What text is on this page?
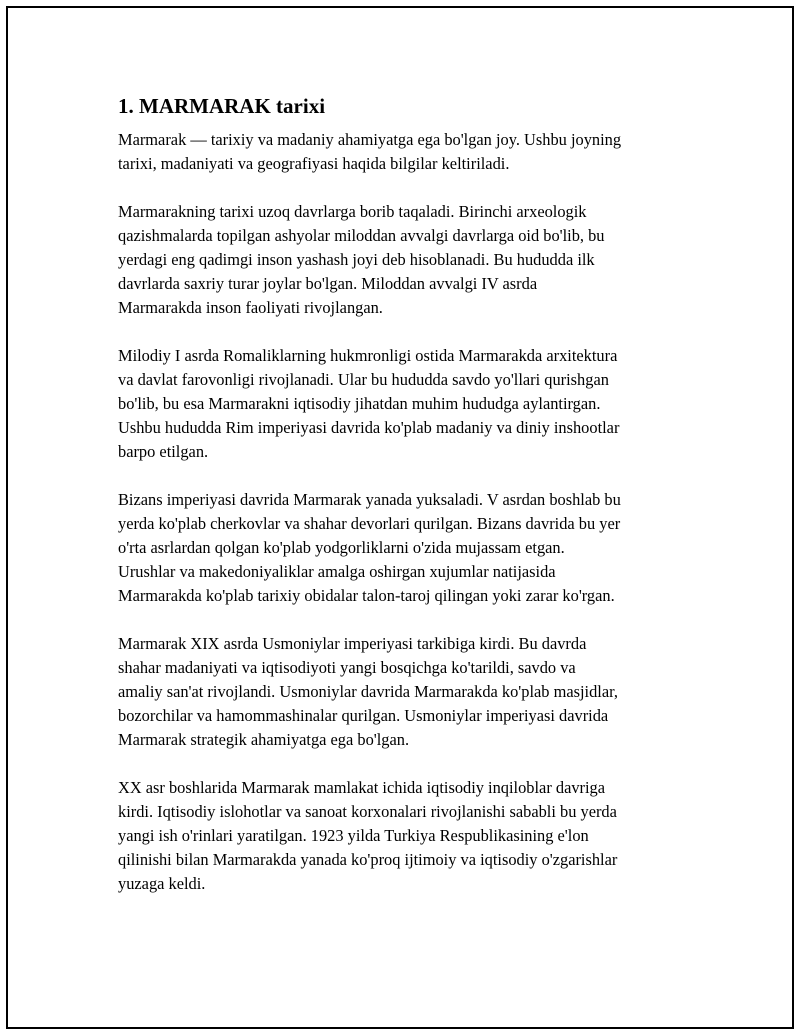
1. MARMARAK tarixi

Marmarak — tarixiy va madaniy ahamiyatga ega bo'lgan joy. Ushbu joyning
tarixi, madaniyati va geografiyasi haqida bilgilar keltiriladi.

Marmarakning tarixi uzoq davrlarga borib taqaladi. Birinchi arxeologik
qazishmalarda topilgan ashyolar miloddan avvalgi davrlarga oid bo'lib, bu
yerdagi eng qadimgi inson yashash joyi deb hisoblanadi. Bu hududda ilk
davrlarda saxriy turar joylar bo'lgan. Miloddan avvalgi IV asrda
Marmarakda inson faoliyati rivojlangan.

Milodiy I asrda Romaliklarning hukmronligi ostida Marmarakda arxitektura
va davlat farovonligi rivojlanadi. Ular bu hududda savdo yo'llari qurishgan
bo'lib, bu esa Marmarakni iqtisodiy jihatdan muhim hududga aylantirgan.
Ushbu hududda Rim imperiyasi davrida ko'plab madaniy va diniy inshootlar
barpo etilgan.

Bizans imperiyasi davrida Marmarak yanada yuksaladi. V asrdan boshlab bu
yerda ko'plab cherkovlar va shahar devorlari qurilgan. Bizans davrida bu yer
o'rta asrlardan qolgan ko'plab yodgorliklarni o'zida mujassam etgan.
Urushlar va makedoniyaliklar amalga oshirgan xujumlar natijasida
Marmarakda ko'plab tarixiy obidalar talon-taroj qilingan yoki zarar ko'rgan.

Marmarak XIX asrda Usmoniylar imperiyasi tarkibiga kirdi. Bu davrda
shahar madaniyati va iqtisodiyoti yangi bosqichga ko'tarildi, savdo va
amaliy san'at rivojlandi. Usmoniylar davrida Marmarakda ko'plab masjidlar,
bozorchilar va hamommashinalar qurilgan. Usmoniylar imperiyasi davrida
Marmarak strategik ahamiyatga ega bo'lgan.

XX asr boshlarida Marmarak mamlakat ichida iqtisodiy inqiloblar davriga
kirdi. Iqtisodiy islohotlar va sanoat korxonalari rivojlanishi sababli bu yerda
yangi ish o'rinlari yaratilgan. 1923 yilda Turkiya Respublikasining e'lon
qilinishi bilan Marmarakda yanada ko'proq ijtimoiy va iqtisodiy o'zgarishlar
yuzaga keldi.
